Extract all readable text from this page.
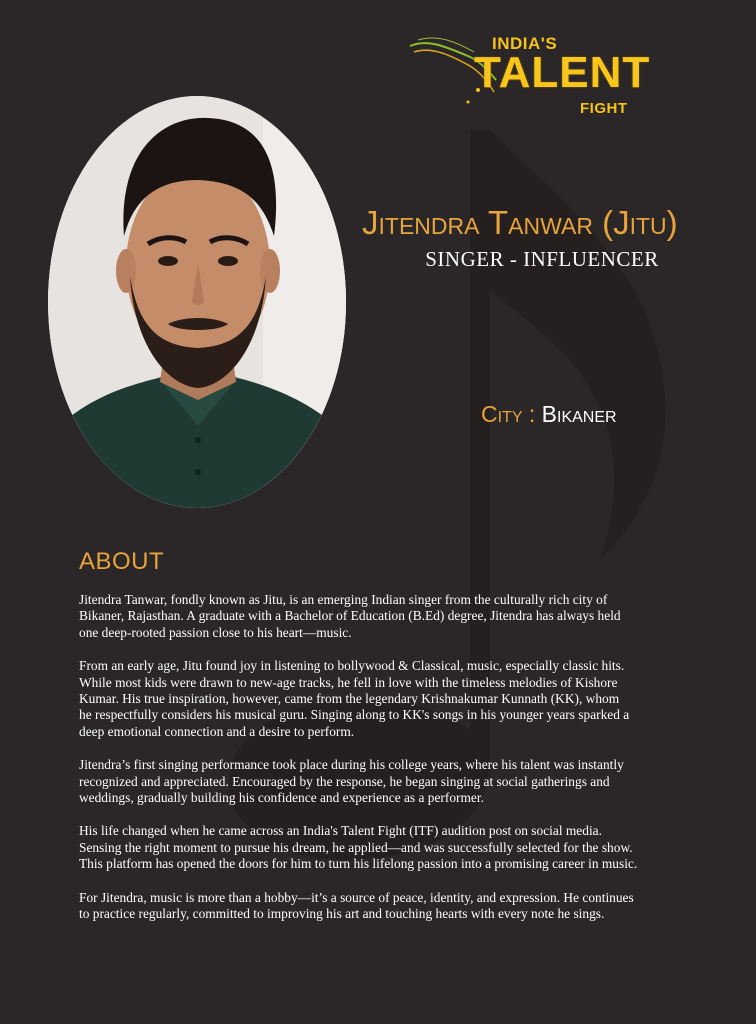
INDIA'S
TALENT
FIGHT
Jitendra Tanwar (Jitu)
SINGER - INFLUENCER
City : Bikaner
ABOUT

Jitendra Tanwar, fondly known as Jitu, is an emerging Indian singer from the culturally rich city of
Bikaner, Rajasthan. A graduate with a Bachelor of Education (B.Ed) degree, Jitendra has always held
one deep-rooted passion close to his heart—music.

From an early age, Jitu found joy in listening to bollywood & Classical, music, especially classic hits.
While most kids were drawn to new-age tracks, he fell in love with the timeless melodies of Kishore
Kumar. His true inspiration, however, came from the legendary Krishnakumar Kunnath (KK), whom
he respectfully considers his musical guru. Singing along to KK's songs in his younger years sparked a
deep emotional connection and a desire to perform.

Jitendra’s first singing performance took place during his college years, where his talent was instantly
recognized and appreciated. Encouraged by the response, he began singing at social gatherings and
weddings, gradually building his confidence and experience as a performer.

His life changed when he came across an India's Talent Fight (ITF) audition post on social media.
Sensing the right moment to pursue his dream, he applied—and was successfully selected for the show.
This platform has opened the doors for him to turn his lifelong passion into a promising career in music.

For Jitendra, music is more than a hobby—it’s a source of peace, identity, and expression. He continues
to practice regularly, committed to improving his art and touching hearts with every note he sings.
